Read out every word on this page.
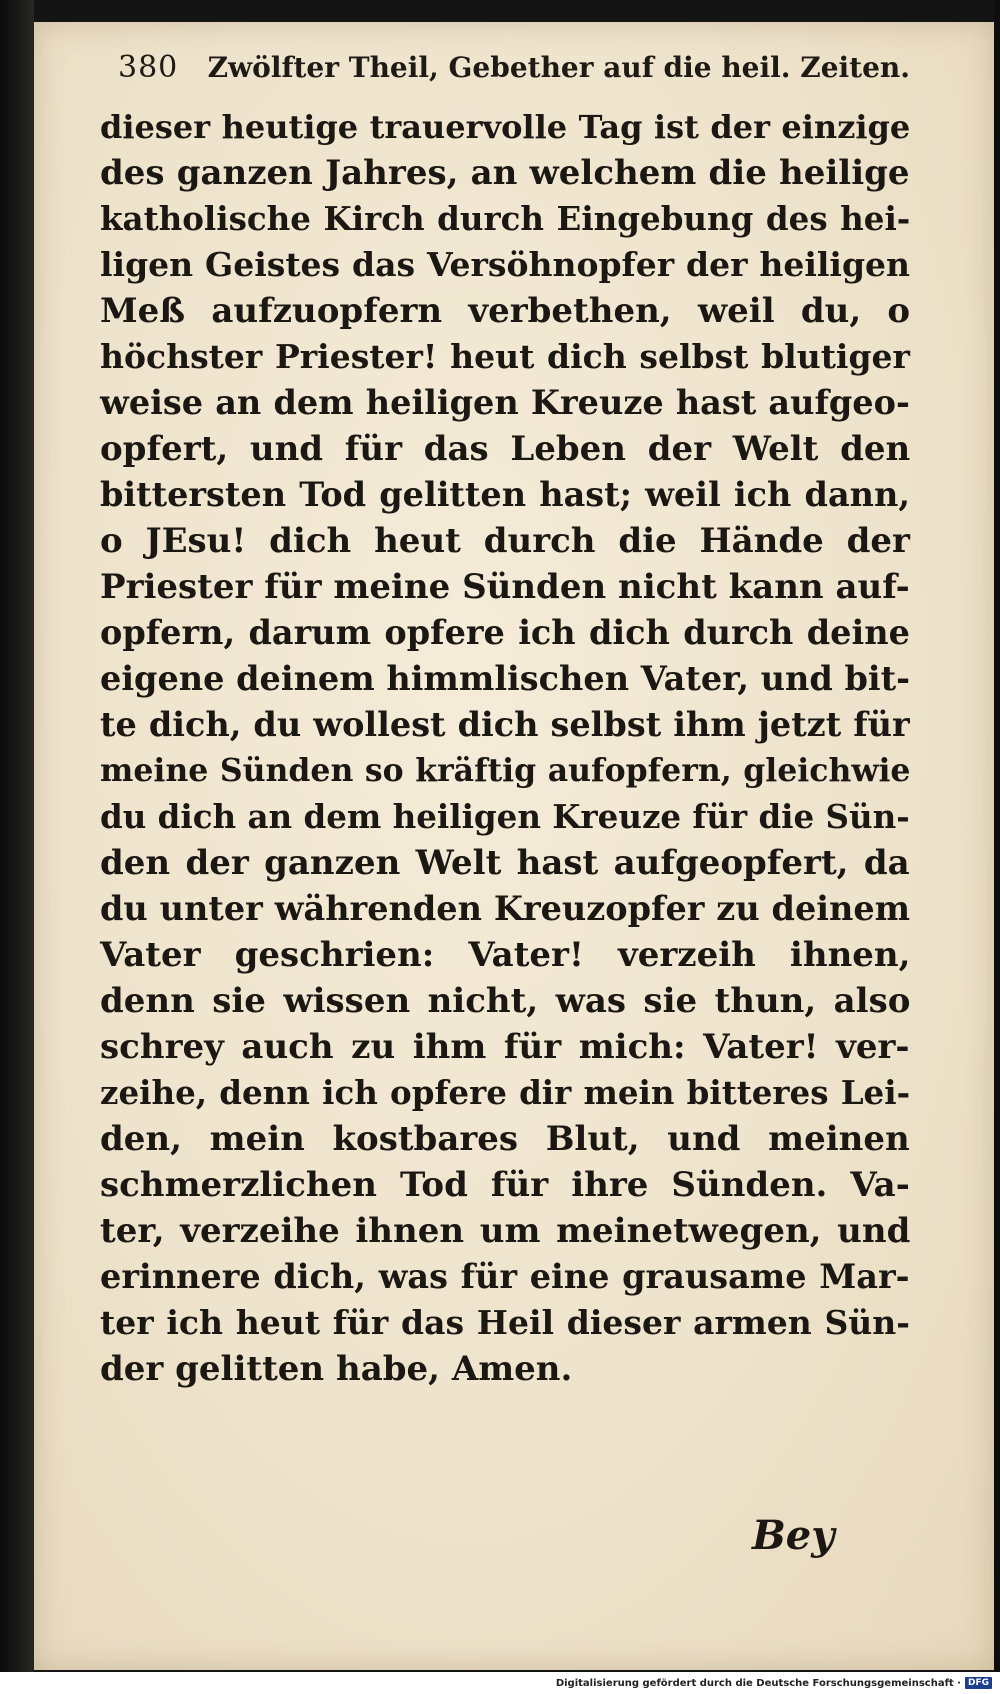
380 Zwölfter Theil, Gebether auf die heil. Zeiten.
dieser heutige trauervolle Tag ist der einzige
des ganzen Jahres, an welchem die heilige
katholische Kirch durch Eingebung des hei-
ligen Geistes das Versöhnopfer der heiligen
Meß aufzuopfern verbethen, weil du, o
höchster Priester! heut dich selbst blutiger
weise an dem heiligen Kreuze hast aufgeo-
opfert, und für das Leben der Welt den
bittersten Tod gelitten hast; weil ich dann,
o JEsu! dich heut durch die Hände der
Priester für meine Sünden nicht kann auf-
opfern, darum opfere ich dich durch deine
eigene deinem himmlischen Vater, und bit-
te dich, du wollest dich selbst ihm jetzt für
meine Sünden so kräftig aufopfern, gleichwie
du dich an dem heiligen Kreuze für die Sün-
den der ganzen Welt hast aufgeopfert, da
du unter währenden Kreuzopfer zu deinem
Vater geschrien: Vater! verzeih ihnen,
denn sie wissen nicht, was sie thun, also
schrey auch zu ihm für mich: Vater! ver-
zeihe, denn ich opfere dir mein bitteres Lei-
den, mein kostbares Blut, und meinen
schmerzlichen Tod für ihre Sünden. Va-
ter, verzeihe ihnen um meinetwegen, und
erinnere dich, was für eine grausame Mar-
ter ich heut für das Heil dieser armen Sün-
der gelitten habe, Amen.
Bey
Digitalisierung gefördert durch die Deutsche Forschungsgemeinschaft · DFG
